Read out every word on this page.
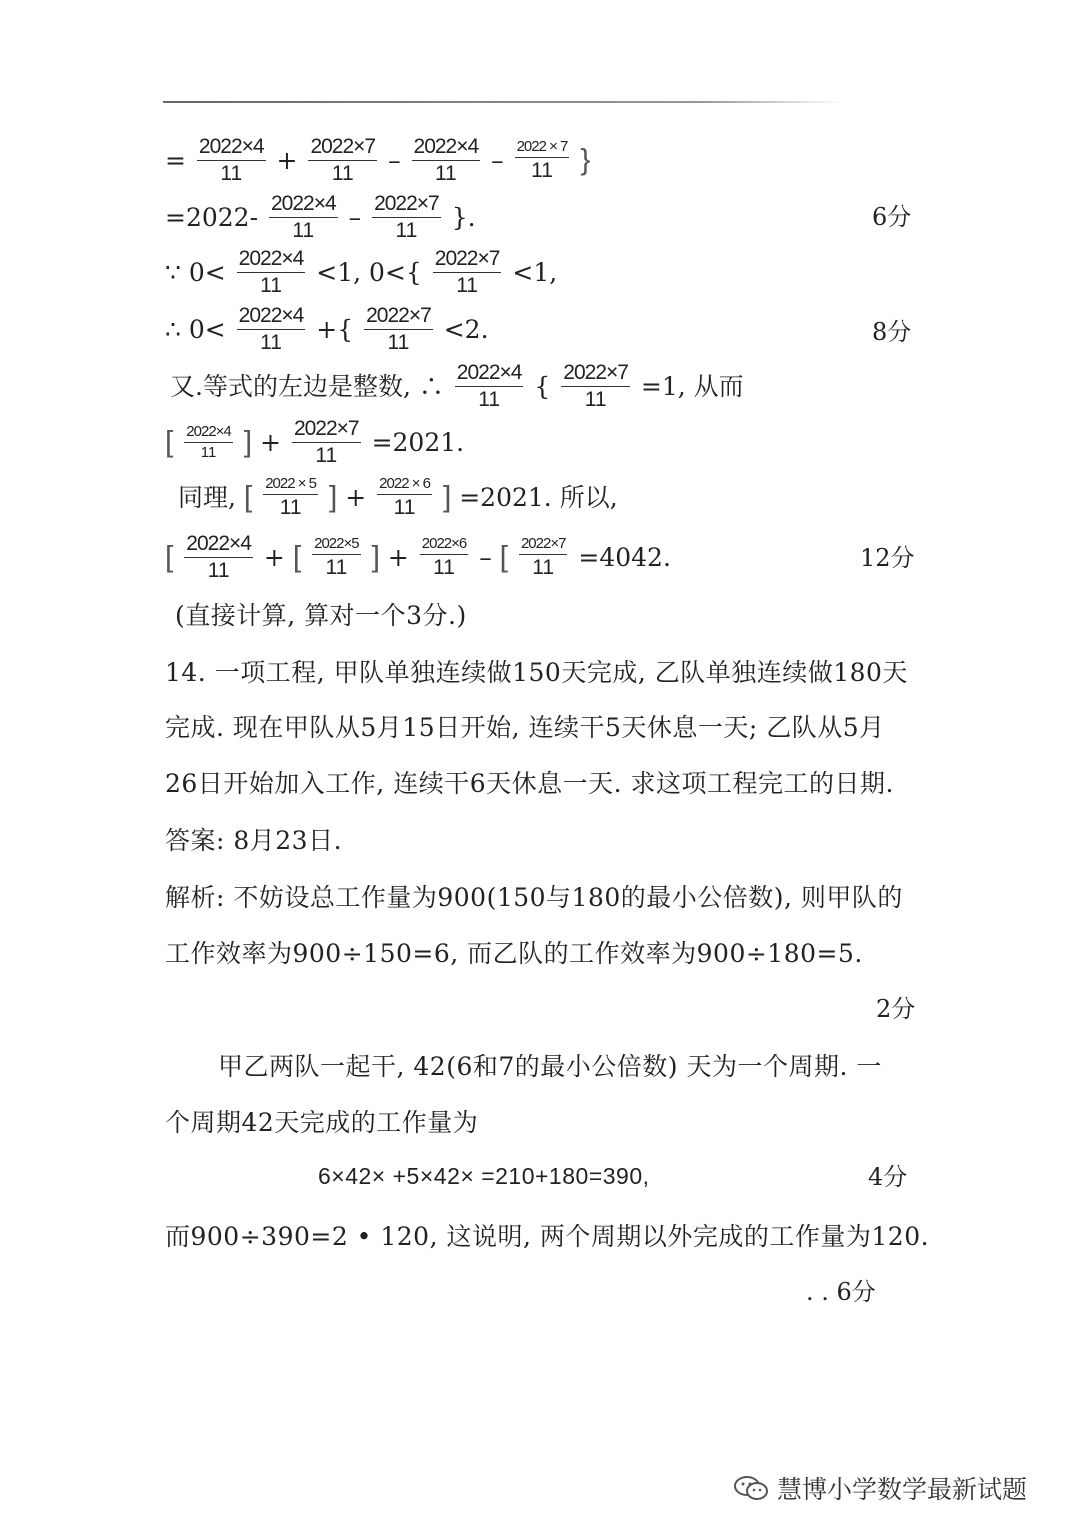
= $\frac{2022\times 4}{11} + \frac{2022\times 7}{11} - \frac{2022\times 4}{11} - \frac{2022 \times 7}{11}$ }
$=2022- \frac{2022\times 4}{11} - \frac{2022\times 7}{11}$ }.	6分
∵ $0< \frac{2022\times 4}{11} <1$, $0<\{ \frac{2022\times 7}{11} <1$,
∴ $0< \frac{2022\times 4}{11}$ +{ $\frac{2022\times 7}{11} <2$.	8分
又.等式的左边是整数, ∴ $\frac{2022\times 4}{11}$ { $\frac{2022\times 7}{11} =1$, 从而
[ $\frac{2022\times 4}{11}$ ] + $\frac{2022\times 7}{11} =2021$.
同理, [ $\frac{2022 \times 5}{11}$ ] + $\frac{2022 \times 6}{11}$ ] =2021. 所以,
[ $\frac{2022\times 4}{11}$ + [ $\frac{2022\times 5}{11}$ ] + $\frac{2022\times 6}{11}$ – [ $\frac{2022\times 7}{11} =4042$.	12分
(直接计算, 算对一个3分.)
14. 一项工程, 甲队单独连续做150天完成, 乙队单独连续做180天
完成. 现在甲队从5月15日开始, 连续干5天休息一天; 乙队从5月
26日开始加入工作, 连续干6天休息一天. 求这项工程完工的日期.
答案: 8月23日.
解析: 不妨设总工作量为900(150与180的最小公倍数), 则甲队的
工作效率为900÷150=6, 而乙队的工作效率为900÷180=5.
2分
甲乙两队一起干, 42(6和7的最小公倍数) 天为一个周期. 一
个周期42天完成的工作量为
6×42× +5×42× =210+180=390,	4分
而900÷390=2 • 120, 这说明, 两个周期以外完成的工作量为120.
. . 6分
慧博小学数学最新试题
